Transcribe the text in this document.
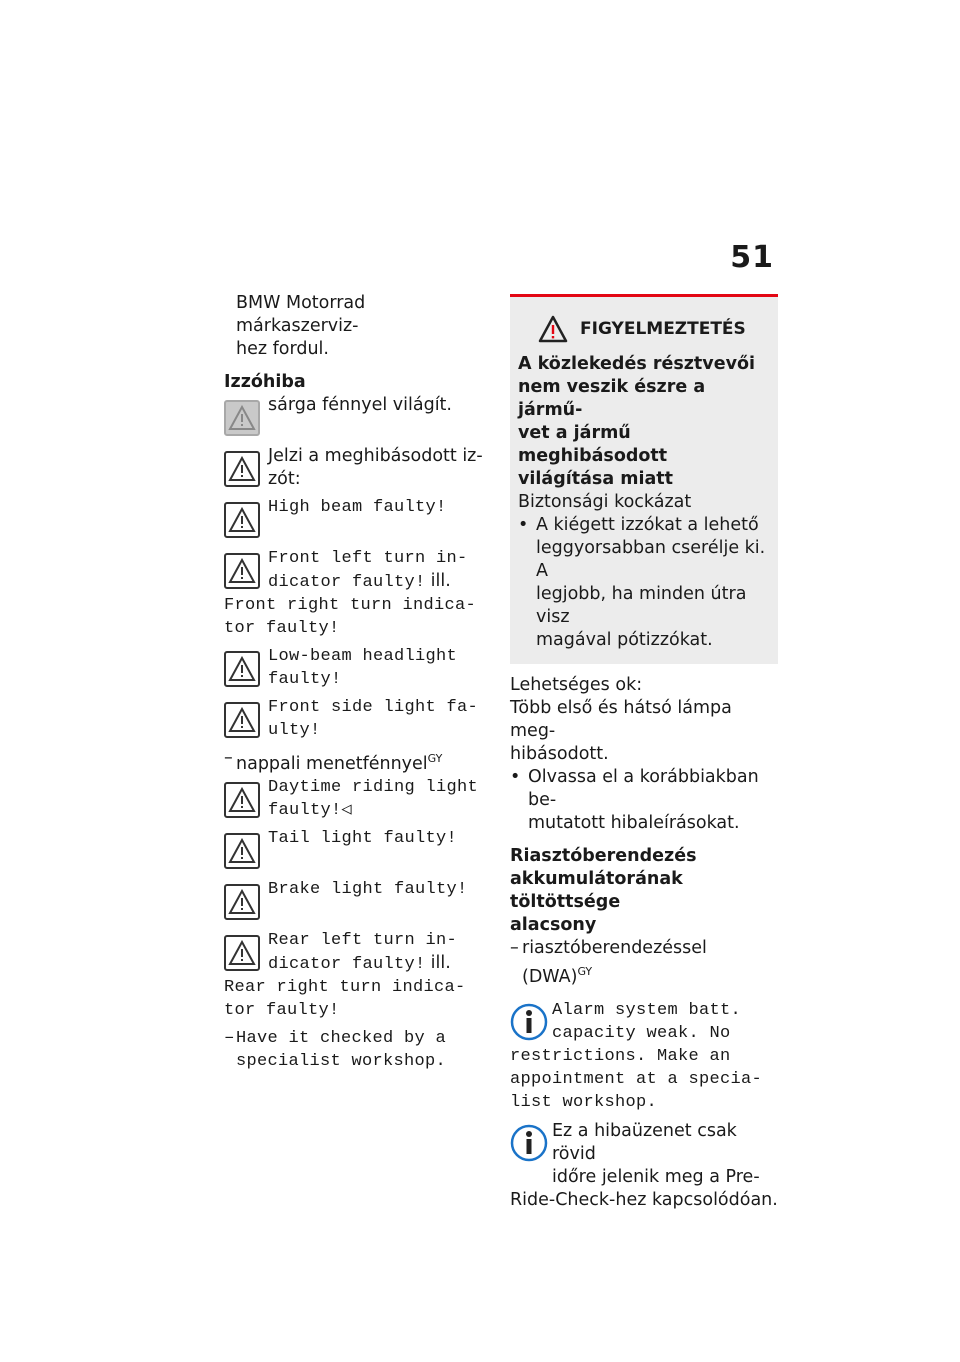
51
BMW Motorrad márkaszerviz-
hez fordul.
Izzóhiba
sárga fénnyel világít.
Jelzi a meghibásodott iz-
zót:
High beam faulty!
Front left turn in-
dicator faulty! ill.
Front right turn indica-
tor faulty!
Low-beam headlight
faulty!
Front side light fa-
ulty!
– nappali menetfénnyel$^{GY}$
Daytime riding light
faulty!◁
Tail light faulty!
Brake light faulty!
Rear left turn in-
dicator faulty! ill.
Rear right turn indica-
tor faulty!
– Have it checked by a
specialist workshop.
FIGYELMEZTETÉS
A közlekedés résztvevői
nem veszik észre a jármű-
vet a jármű meghibásodott
világítása miatt
Biztonsági kockázat
• A kiégett izzókat a lehető
leggyorsabban cserélje ki. A
legjobb, ha minden útra visz
magával pótizzókat.
Lehetséges ok:
Több első és hátsó lámpa meg-
hibásodott.
• Olvassa el a korábbiakban be-
mutatott hibaleírásokat.
Riasztóberendezés
akkumulátorának töltöttsége
alacsony
– riasztóberendezéssel
(DWA)$^{GY}$
Alarm system batt.
capacity weak. No
restrictions. Make an
appointment at a specia-
list workshop.
Ez a hibaüzenet csak rövid
időre jelenik meg a Pre-
Ride-Check-hez kapcsolódóan.
